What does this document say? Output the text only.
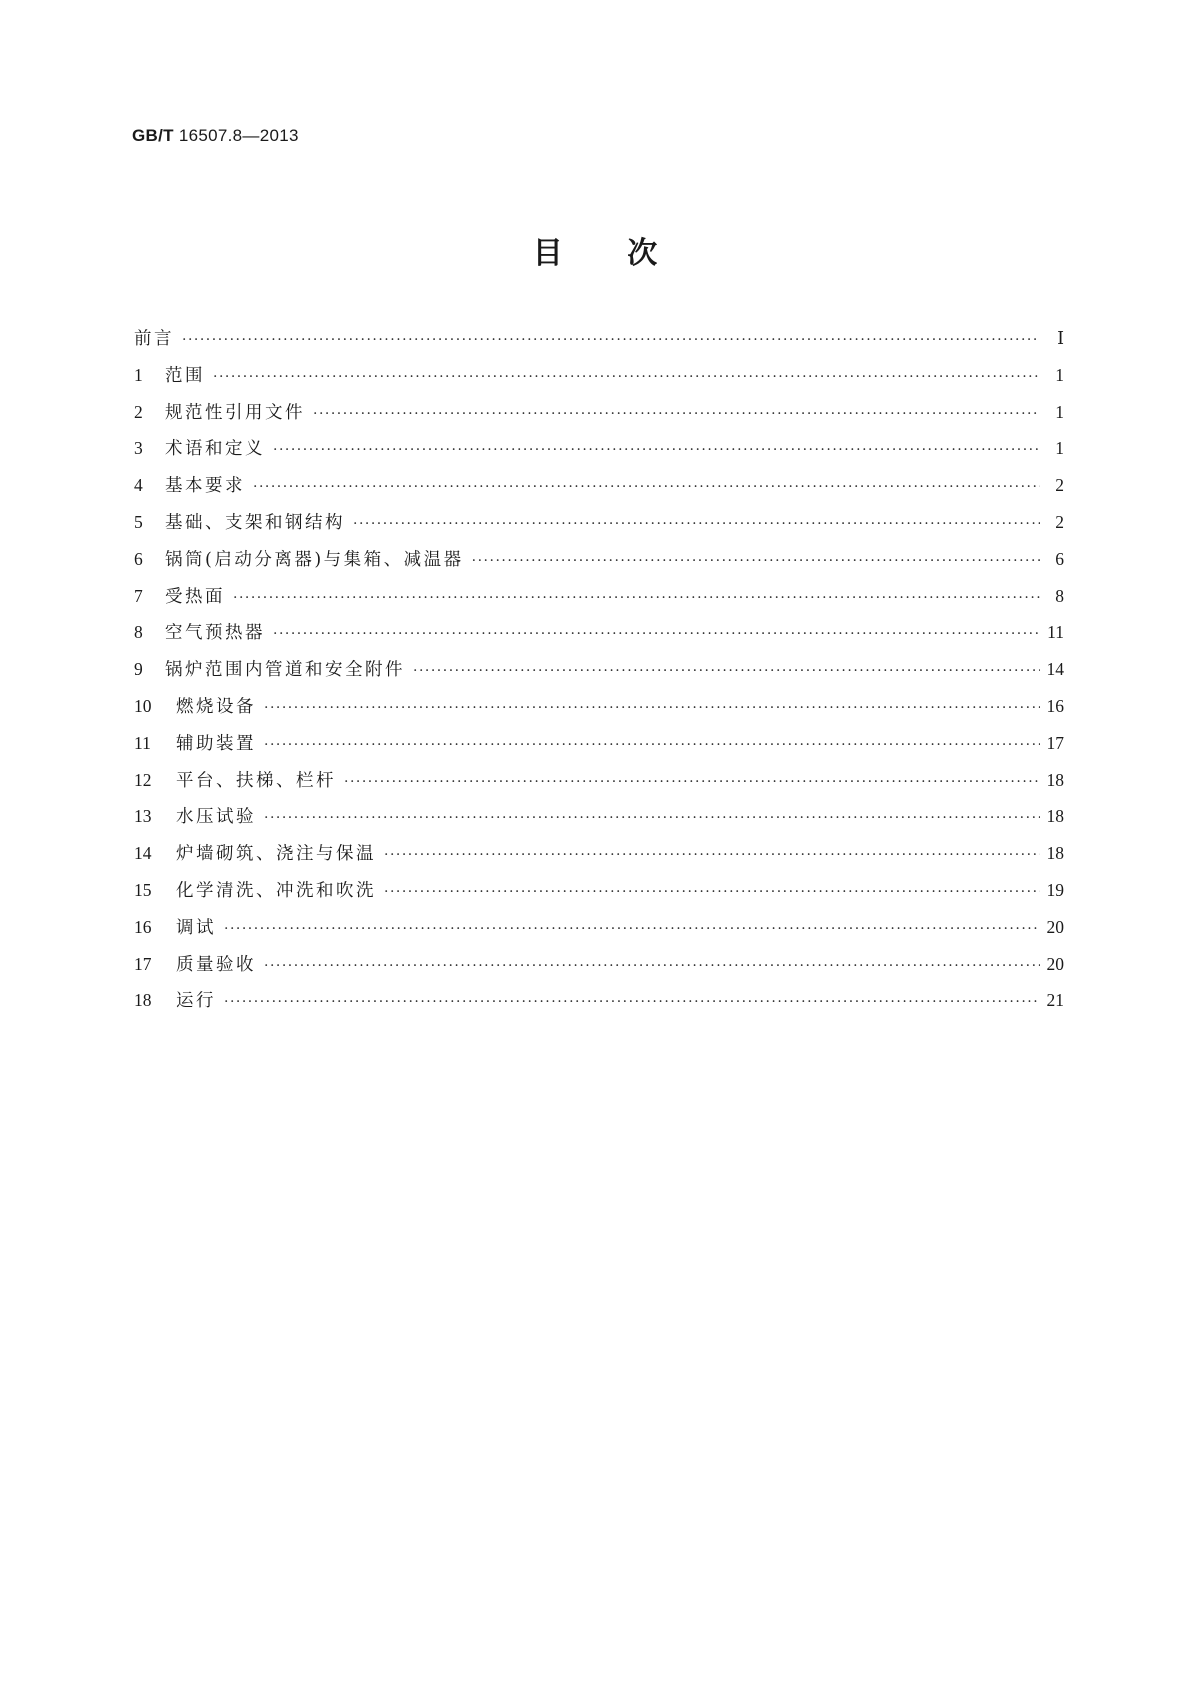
GB/T 16507.8—2013
目 次
前言 ·····	Ⅰ
1	范围 ·····	1
2	规范性引用文件 ·····	1
3	术语和定义 ·····	1
4	基本要求 ·····	2
5	基础、支架和钢结构 ·····	2
6	锅筒(启动分离器)与集箱、减温器 ·····	6
7	受热面 ·····	8
8	空气预热器 ·····	11
9	锅炉范围内管道和安全附件 ·····	14
10	燃烧设备 ·····	16
11	辅助装置 ·····	17
12	平台、扶梯、栏杆 ·····	18
13	水压试验 ·····	18
14	炉墙砌筑、浇注与保温 ·····	18
15	化学清洗、冲洗和吹洗 ·····	19
16	调试 ·····	20
17	质量验收 ·····	20
18	运行 ·····	21
